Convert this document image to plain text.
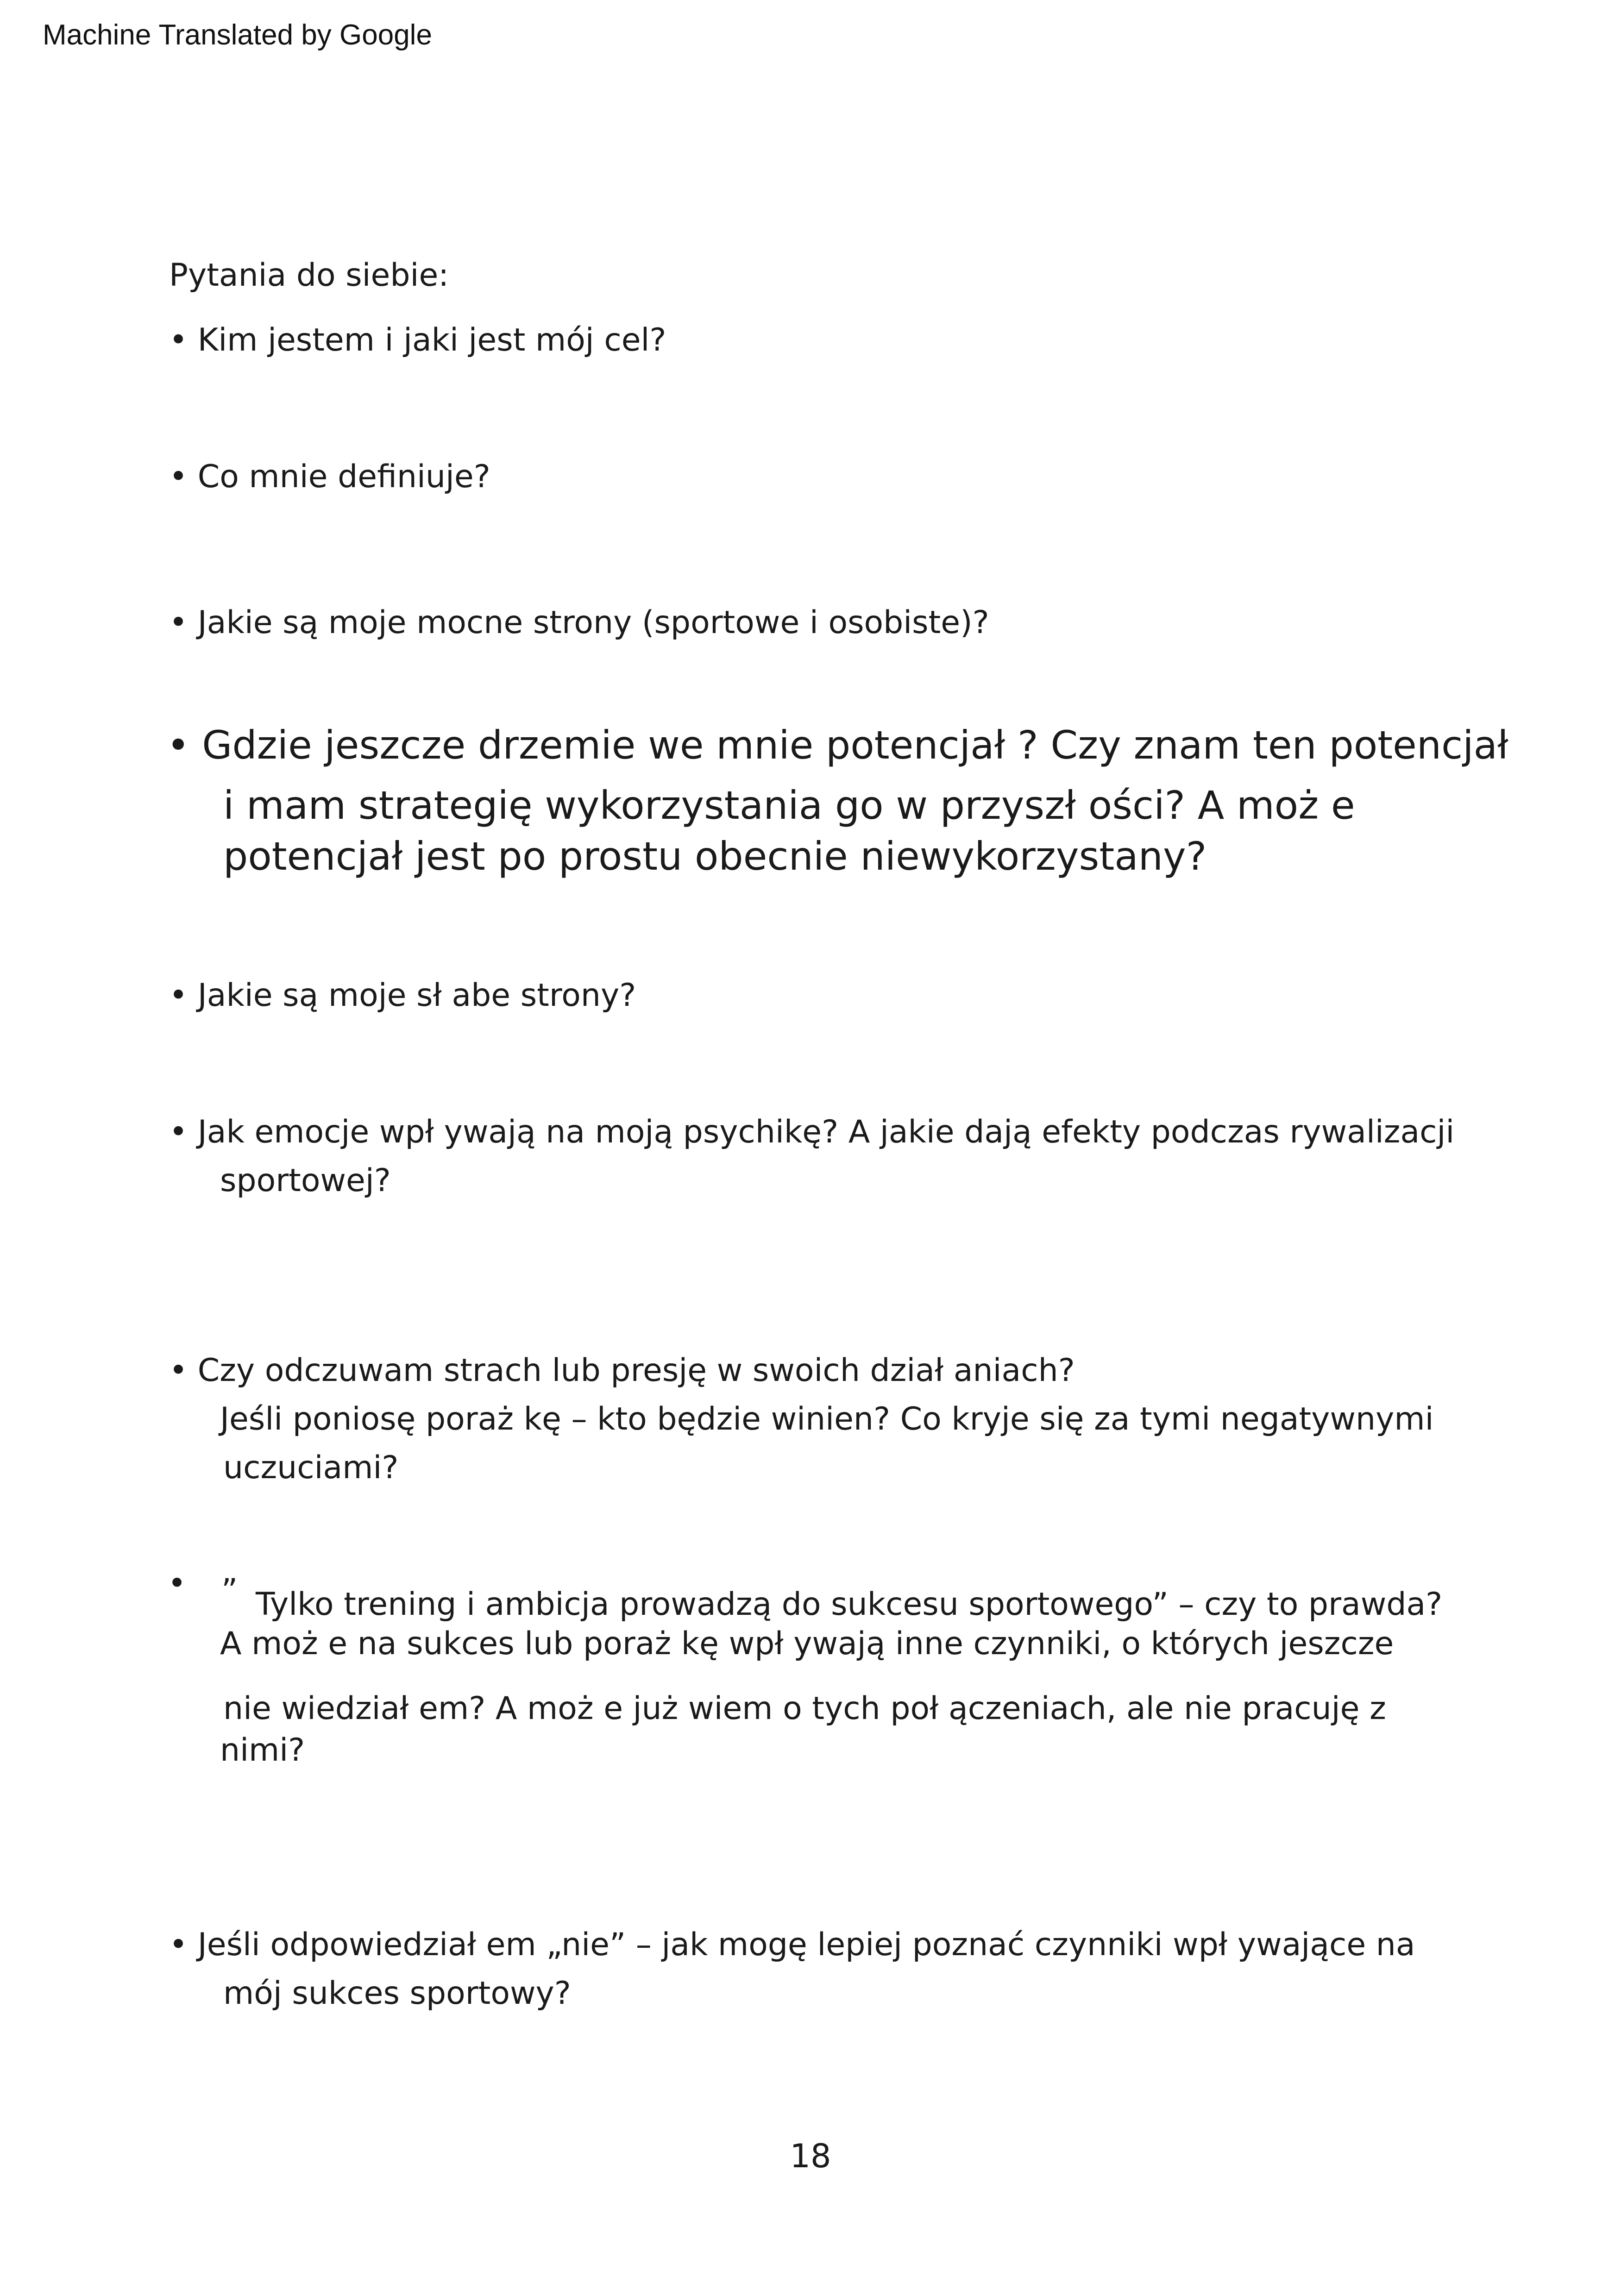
Machine Translated by Google
Pytania do siebie:
• Kim jestem i jaki jest mój cel?
• Co mnie definiuje?
• Jakie są moje mocne strony (sportowe i osobiste)?
• Gdzie jeszcze drzemie we mnie potencjał ? Czy znam ten potencjał
i mam strategię wykorzystania go w przyszł ości? A moż e
potencjał jest po prostu obecnie niewykorzystany?
• Jakie są moje sł abe strony?
• Jak emocje wpł ywają na moją psychikę? A jakie dają efekty podczas rywalizacji
sportowej?
• Czy odczuwam strach lub presję w swoich dział aniach?
Jeśli poniosę poraż kę – kto będzie winien? Co kryje się za tymi negatywnymi
uczuciami?
• ” Tylko trening i ambicja prowadzą do sukcesu sportowego” – czy to prawda?
A moż e na sukces lub poraż kę wpł ywają inne czynniki, o których jeszcze
nie wiedział em? A moż e już wiem o tych poł ączeniach, ale nie pracuję z
nimi?
• Jeśli odpowiedział em „nie” – jak mogę lepiej poznać czynniki wpł ywające na
mój sukces sportowy?
18
